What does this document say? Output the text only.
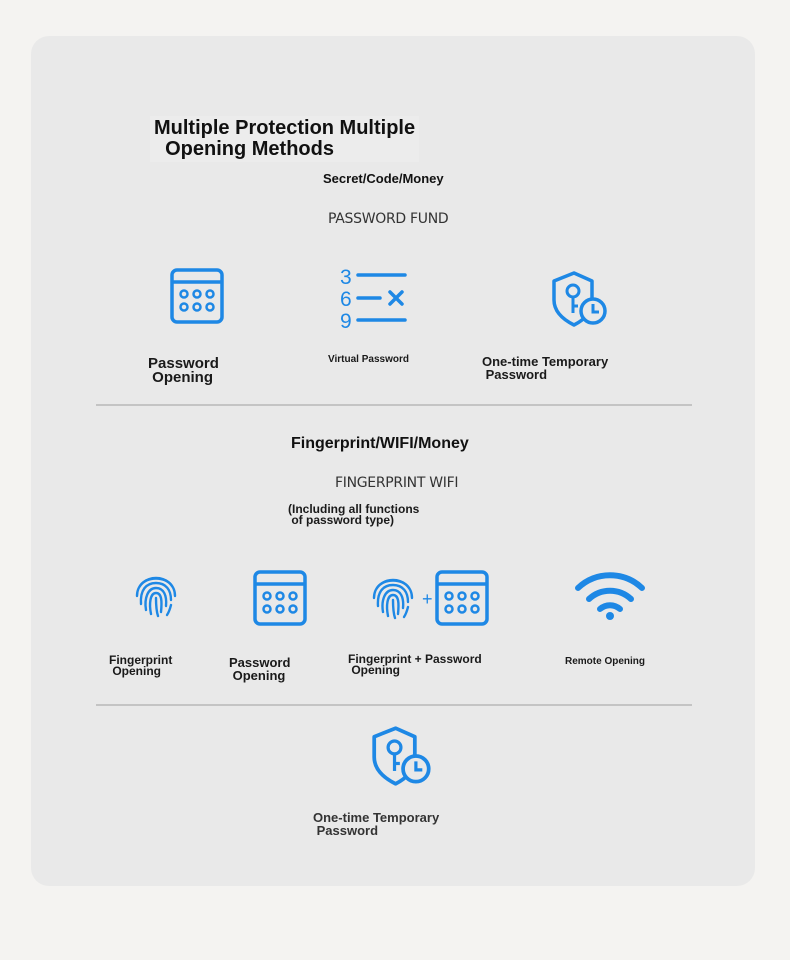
Multiple Protection Multiple
Opening Methods
Secret/Code/Money
PASSWORD FUND
Password
Opening
3
6
9
Virtual Password	One-time Temporary
Password
Fingerprint/WIFI/Money
FINGERPRINT WIFI
(Including all functions
of password type)
Fingerprint
Opening
Password
Opening
+
Fingerprint + Password
Opening
Remote Opening
One-time Temporary
Password
